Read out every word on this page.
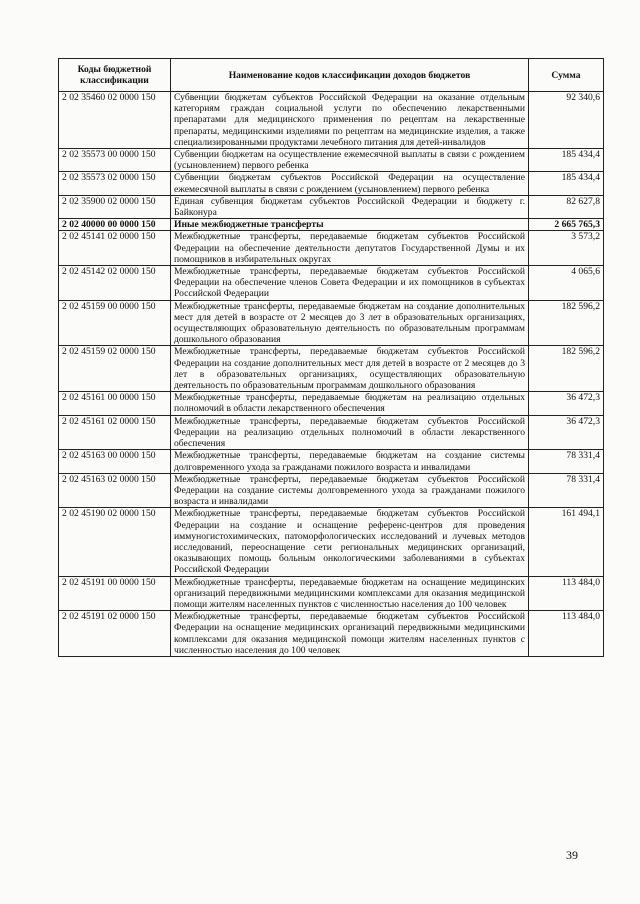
Коды бюджетной классификации	Наименование кодов классификации доходов бюджетов	Сумма
2 02 35460 02 0000 150	Субвенции бюджетам субъектов Российской Федерации на оказание отдельным категориям граждан социальной услуги по обеспечению лекарственными препаратами для медицинского применения по рецептам на лекарственные препараты, медицинскими изделиями по рецептам на медицинские изделия, а также специализированными продуктами лечебного питания для детей-инвалидов	92 340,6
2 02 35573 00 0000 150	Субвенции бюджетам на осуществление ежемесячной выплаты в связи с рождением (усыновлением) первого ребенка	185 434,4
2 02 35573 02 0000 150	Субвенции бюджетам субъектов Российской Федерации на осуществление ежемесячной выплаты в связи с рождением (усыновлением) первого ребенка	185 434,4
2 02 35900 02 0000 150	Единая субвенция бюджетам субъектов Российской Федерации и бюджету г. Байконура	82 627,8
2 02 40000 00 0000 150	Иные межбюджетные трансферты	2 665 765,3
2 02 45141 02 0000 150	Межбюджетные трансферты, передаваемые бюджетам субъектов Российской Федерации на обеспечение деятельности депутатов Государственной Думы и их помощников в избирательных округах	3 573,2
2 02 45142 02 0000 150	Межбюджетные трансферты, передаваемые бюджетам субъектов Российской Федерации на обеспечение членов Совета Федерации и их помощников в субъектах Российской Федерации	4 065,6
2 02 45159 00 0000 150	Межбюджетные трансферты, передаваемые бюджетам на создание дополнительных мест для детей в возрасте от 2 месяцев до 3 лет в образовательных организациях, осуществляющих образовательную деятельность по образовательным программам дошкольного образования	182 596,2
2 02 45159 02 0000 150	Межбюджетные трансферты, передаваемые бюджетам субъектов Российской Федерации на создание дополнительных мест для детей в возрасте от 2 месяцев до 3 лет в образовательных организациях, осуществляющих образовательную деятельность по образовательным программам дошкольного образования	182 596,2
2 02 45161 00 0000 150	Межбюджетные трансферты, передаваемые бюджетам на реализацию отдельных полномочий в области лекарственного обеспечения	36 472,3
2 02 45161 02 0000 150	Межбюджетные трансферты, передаваемые бюджетам субъектов Российской Федерации на реализацию отдельных полномочий в области лекарственного обеспечения	36 472,3
2 02 45163 00 0000 150	Межбюджетные трансферты, передаваемые бюджетам на создание системы долговременного ухода за гражданами пожилого возраста и инвалидами	78 331,4
2 02 45163 02 0000 150	Межбюджетные трансферты, передаваемые бюджетам субъектов Российской Федерации на создание системы долговременного ухода за гражданами пожилого возраста и инвалидами	78 331,4
2 02 45190 02 0000 150	Межбюджетные трансферты, передаваемые бюджетам субъектов Российской Федерации на создание и оснащение референс-центров для проведения иммуногистохимических, патоморфологических исследований и лучевых методов исследований, переоснащение сети региональных медицинских организаций, оказывающих помощь больным онкологическими заболеваниями в субъектах Российской Федерации	161 494,1
2 02 45191 00 0000 150	Межбюджетные трансферты, передаваемые бюджетам на оснащение медицинских организаций передвижными медицинскими комплексами для оказания медицинской помощи жителям населенных пунктов с численностью населения до 100 человек	113 484,0
2 02 45191 02 0000 150	Межбюджетные трансферты, передаваемые бюджетам субъектов Российской Федерации на оснащение медицинских организаций передвижными медицинскими комплексами для оказания медицинской помощи жителям населенных пунктов с численностью населения до 100 человек	113 484,0
39
